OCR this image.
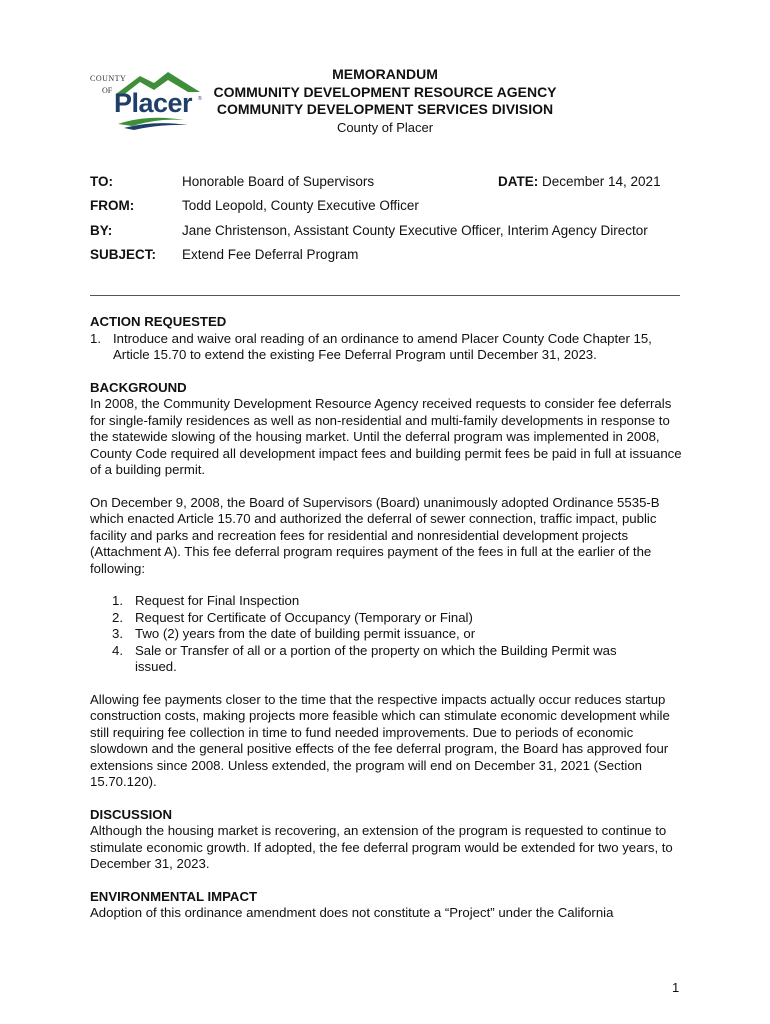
COUNTY
OF Placer ®
MEMORANDUM
COMMUNITY DEVELOPMENT RESOURCE AGENCY
COMMUNITY DEVELOPMENT SERVICES DIVISION
County of Placer
TO:	Honorable Board of Supervisors	DATE: December 14, 2021
FROM:	Todd Leopold, County Executive Officer
BY:	Jane Christenson, Assistant County Executive Officer, Interim Agency Director
SUBJECT: Extend Fee Deferral Program

ACTION REQUESTED

1. Introduce and waive oral reading of an ordinance to amend Placer County Code Chapter 15, Article 15.70 to extend the existing Fee Deferral Program until December 31, 2023.

BACKGROUND

In 2008, the Community Development Resource Agency received requests to consider fee deferrals for single-family residences as well as non-residential and multi-family developments in response to the statewide slowing of the housing market. Until the deferral program was implemented in 2008, County Code required all development impact fees and building permit fees be paid in full at issuance of a building permit.

On December 9, 2008, the Board of Supervisors (Board) unanimously adopted Ordinance 5535-B which enacted Article 15.70 and authorized the deferral of sewer connection, traffic impact, public facility and parks and recreation fees for residential and nonresidential development projects (Attachment A). This fee deferral program requires payment of the fees in full at the earlier of the following:

1. Request for Final Inspection
2. Request for Certificate of Occupancy (Temporary or Final)
3. Two (2) years from the date of building permit issuance, or
4. Sale or Transfer of all or a portion of the property on which the Building Permit was issued.

Allowing fee payments closer to the time that the respective impacts actually occur reduces startup construction costs, making projects more feasible which can stimulate economic development while still requiring fee collection in time to fund needed improvements. Due to periods of economic slowdown and the general positive effects of the fee deferral program, the Board has approved four extensions since 2008. Unless extended, the program will end on December 31, 2021 (Section 15.70.120).

DISCUSSION

Although the housing market is recovering, an extension of the program is requested to continue to stimulate economic growth. If adopted, the fee deferral program would be extended for two years, to December 31, 2023.

ENVIRONMENTAL IMPACT

Adoption of this ordinance amendment does not constitute a “Project” under the California

1
